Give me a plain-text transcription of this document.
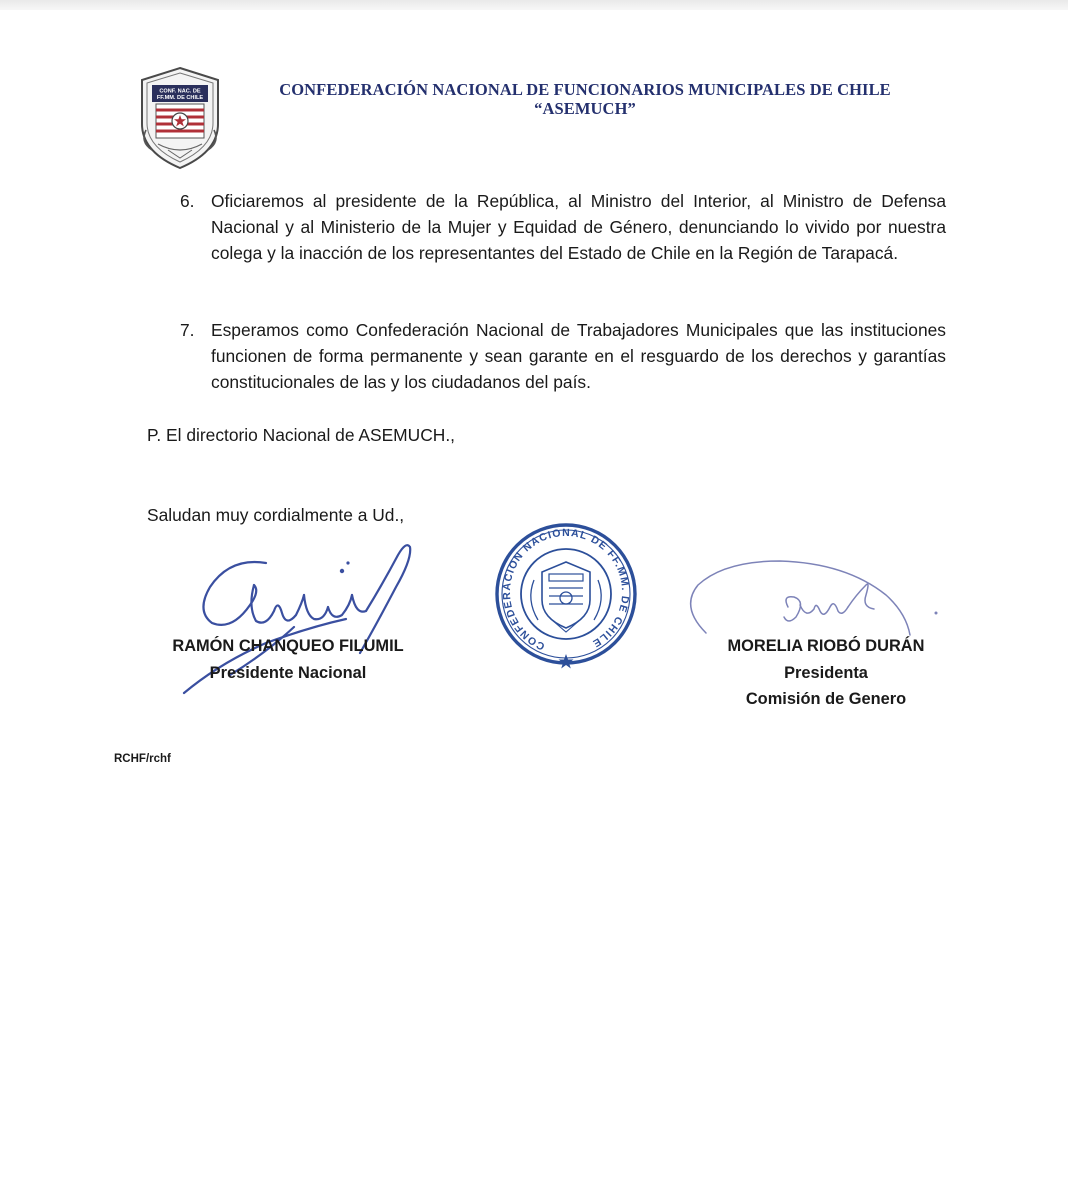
CONF. NAC. DE
FF.MM. DE CHILE	CONFEDERACIÓN NACIONAL DE FUNCIONARIOS MUNICIPALES DE CHILE
“ASEMUCH”
6. Oficiaremos al presidente de la República, al Ministro del Interior, al Ministro de Defensa Nacional y al Ministerio de la Mujer y Equidad de Género, denunciando lo vivido por nuestra colega y la inacción de los representantes del Estado de Chile en la Región de Tarapacá.
7. Esperamos como Confederación Nacional de Trabajadores Municipales que las instituciones funcionen de forma permanente y sean garante en el resguardo de los derechos y garantías constitucionales de las y los ciudadanos del país.
P. El directorio Nacional de ASEMUCH.,
Saludan muy cordialmente a Ud.,
CONFEDERACION NACIONAL DE FF.MM. DE CHILE
RAMÓN CHANQUEO FILUMIL
Presidente Nacional
MORELIA RIOBÓ DURÁN
Presidenta
Comisión de Genero
RCHF/rchf
